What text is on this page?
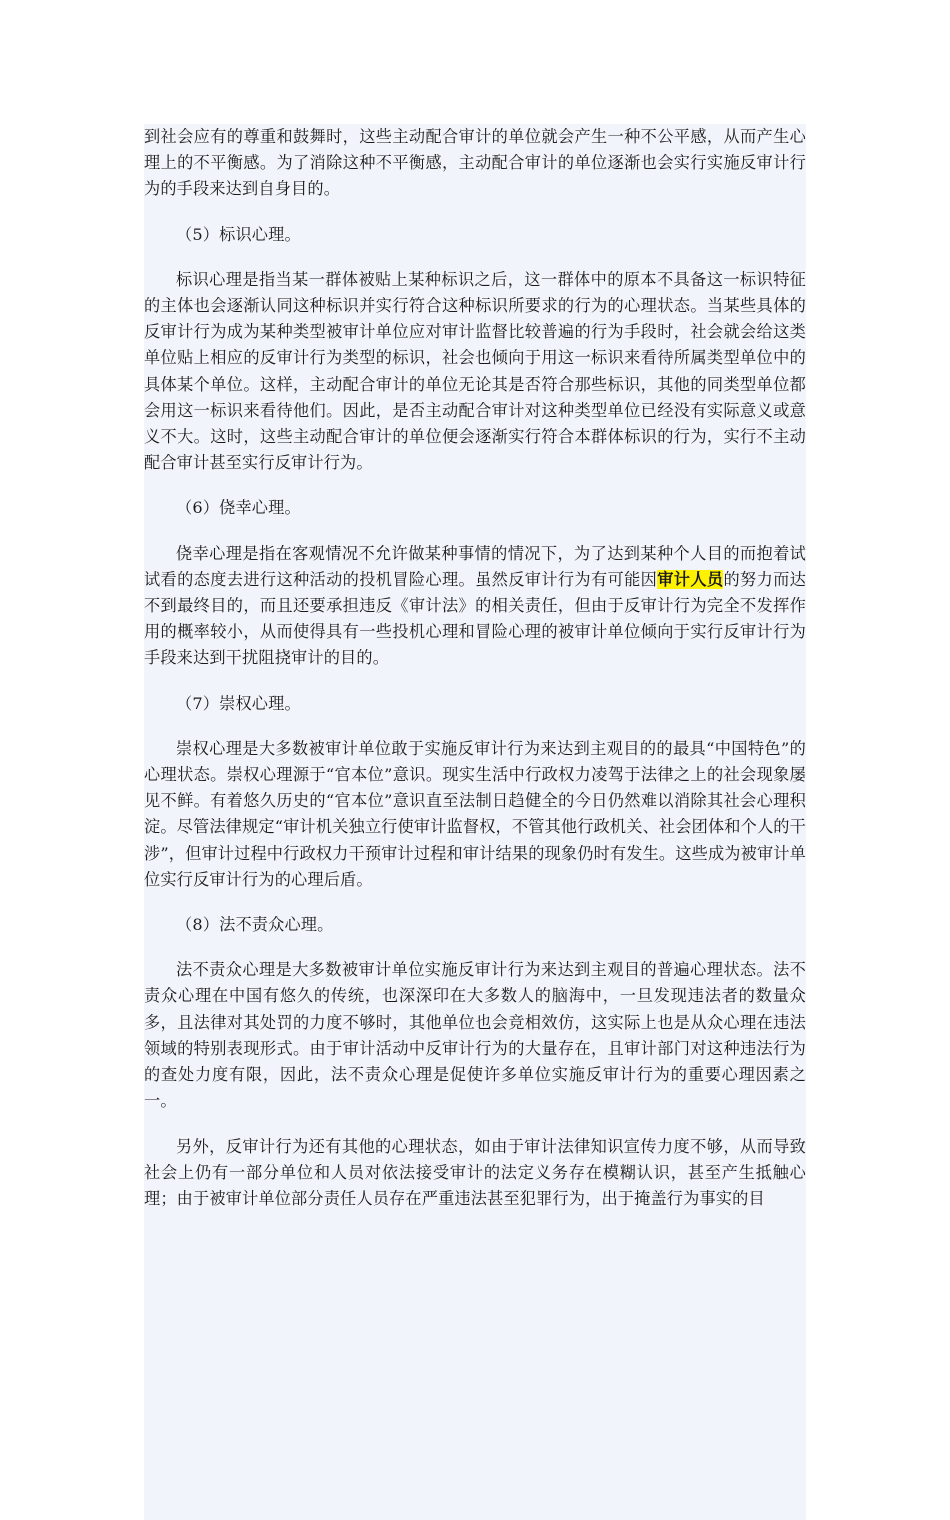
到社会应有的尊重和鼓舞时，这些主动配合审计的单位就会产生一种不公平感，从而产生心理上的不平衡感。为了消除这种不平衡感，主动配合审计的单位逐渐也会实行实施反审计行为的手段来达到自身目的。

（5）标识心理。

标识心理是指当某一群体被贴上某种标识之后，这一群体中的原本不具备这一标识特征的主体也会逐渐认同这种标识并实行符合这种标识所要求的行为的心理状态。当某些具体的反审计行为成为某种类型被审计单位应对审计监督比较普遍的行为手段时，社会就会给这类单位贴上相应的反审计行为类型的标识，社会也倾向于用这一标识来看待所属类型单位中的具体某个单位。这样，主动配合审计的单位无论其是否符合那些标识，其他的同类型单位都会用这一标识来看待他们。因此，是否主动配合审计对这种类型单位已经没有实际意义或意义不大。这时，这些主动配合审计的单位便会逐渐实行符合本群体标识的行为，实行不主动配合审计甚至实行反审计行为。

（6）侥幸心理。

侥幸心理是指在客观情况不允许做某种事情的情况下，为了达到某种个人目的而抱着试试看的态度去进行这种活动的投机冒险心理。虽然反审计行为有可能因审计人员的努力而达不到最终目的，而且还要承担违反《审计法》的相关责任，但由于反审计行为完全不发挥作用的概率较小，从而使得具有一些投机心理和冒险心理的被审计单位倾向于实行反审计行为手段来达到干扰阻挠审计的目的。

（7）崇权心理。

崇权心理是大多数被审计单位敢于实施反审计行为来达到主观目的的最具“中国特色”的心理状态。崇权心理源于“官本位”意识。现实生活中行政权力凌驾于法律之上的社会现象屡见不鲜。有着悠久历史的“官本位”意识直至法制日趋健全的今日仍然难以消除其社会心理积淀。尽管法律规定“审计机关独立行使审计监督权，不管其他行政机关、社会团体和个人的干涉”，但审计过程中行政权力干预审计过程和审计结果的现象仍时有发生。这些成为被审计单位实行反审计行为的心理后盾。

（8）法不责众心理。

法不责众心理是大多数被审计单位实施反审计行为来达到主观目的普遍心理状态。法不责众心理在中国有悠久的传统，也深深印在大多数人的脑海中，一旦发现违法者的数量众多，且法律对其处罚的力度不够时，其他单位也会竞相效仿，这实际上也是从众心理在违法领域的特别表现形式。由于审计活动中反审计行为的大量存在，且审计部门对这种违法行为的查处力度有限，因此，法不责众心理是促使许多单位实施反审计行为的重要心理因素之一。

另外，反审计行为还有其他的心理状态，如由于审计法律知识宣传力度不够，从而导致社会上仍有一部分单位和人员对依法接受审计的法定义务存在模糊认识，甚至产生抵触心理；由于被审计单位部分责任人员存在严重违法甚至犯罪行为，出于掩盖行为事实的目
